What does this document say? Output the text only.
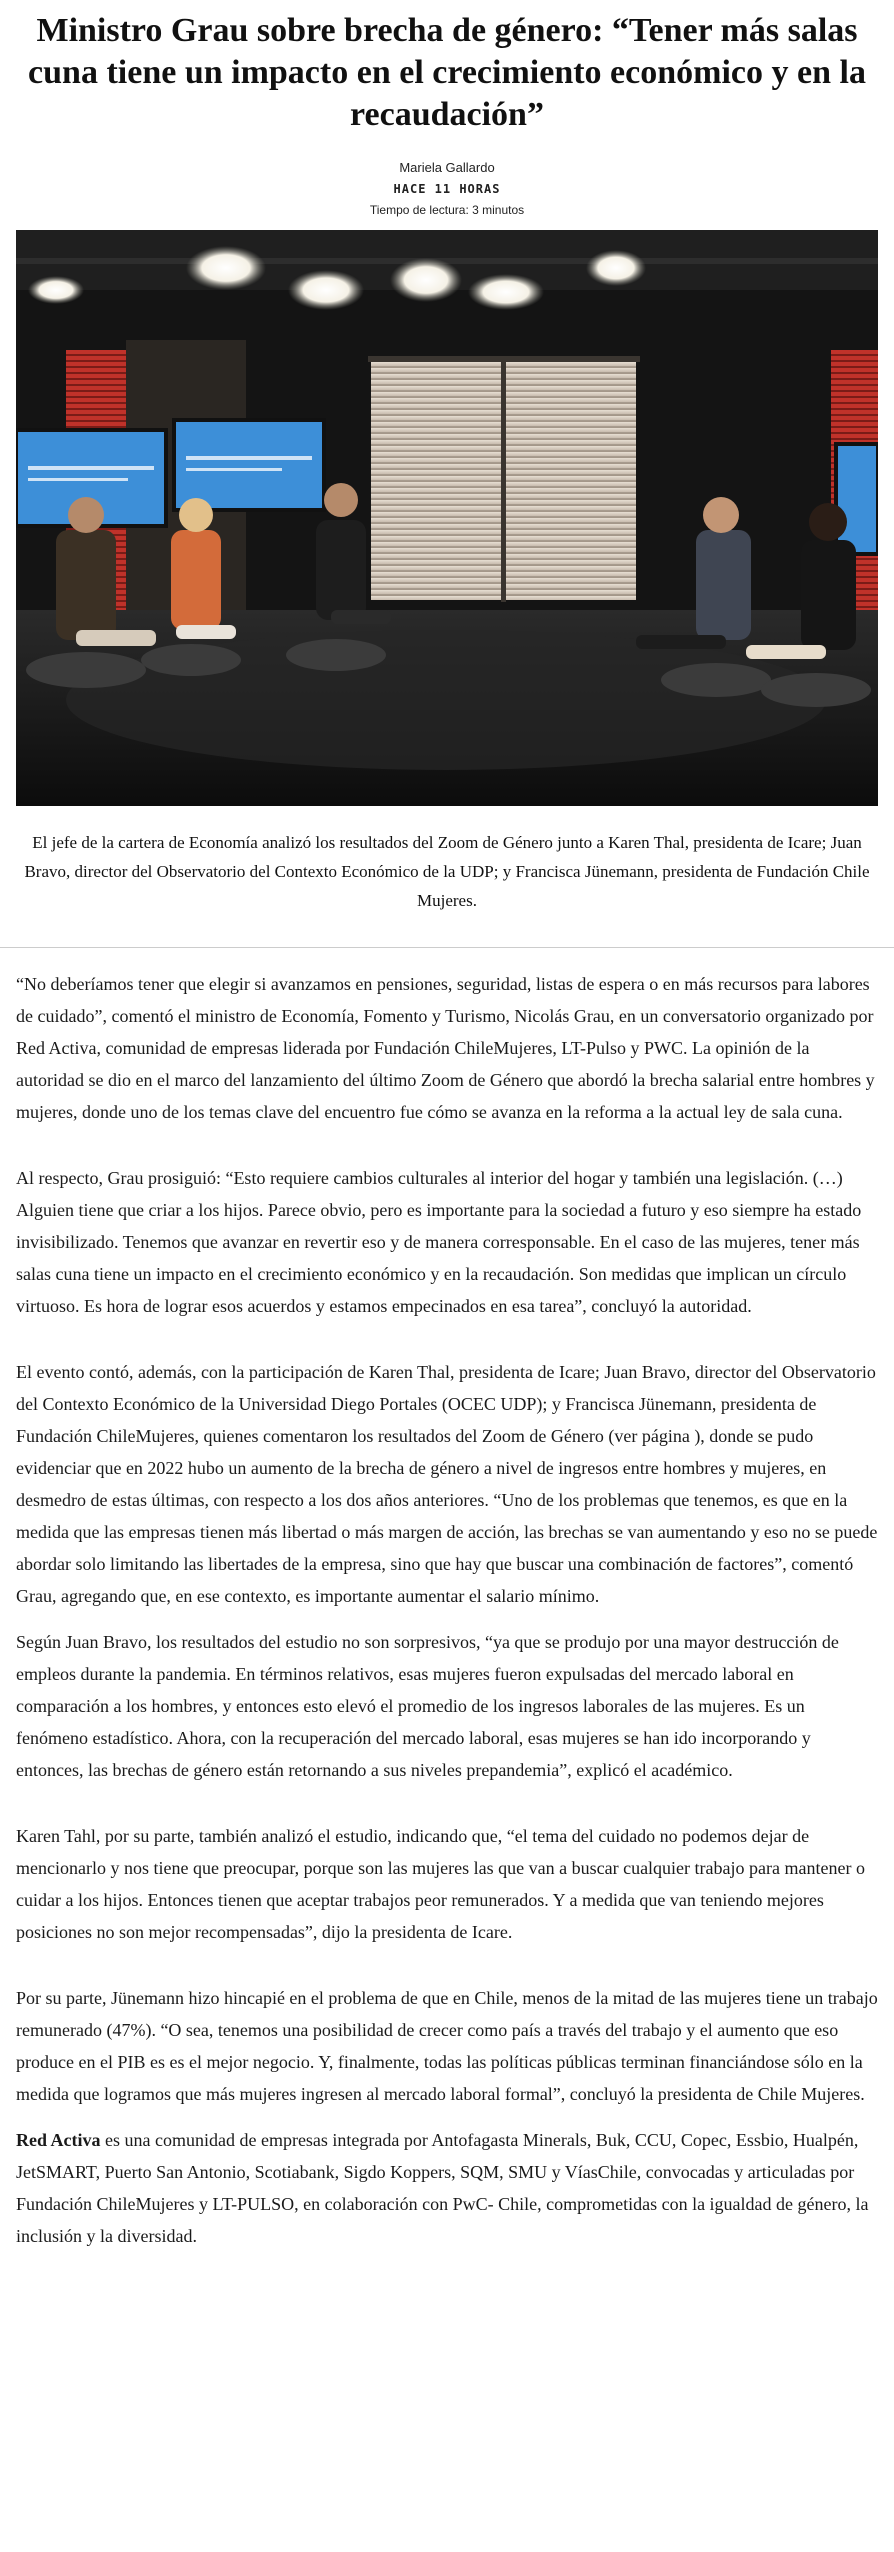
Ministro Grau sobre brecha de género: “Tener más salas cuna tiene un impacto en el crecimiento económico y en la recaudación”
Mariela Gallardo
HACE 11 HORAS
Tiempo de lectura: 3 minutos
El jefe de la cartera de Economía analizó los resultados del Zoom de Género junto a Karen Thal, presidenta de Icare; Juan Bravo, director del Observatorio del Contexto Económico de la UDP; y Francisca Jünemann, presidenta de Fundación Chile Mujeres.

“No deberíamos tener que elegir si avanzamos en pensiones, seguridad, listas de espera o en más recursos para labores de cuidado”, comentó el ministro de Economía, Fomento y Turismo, Nicolás Grau, en un conversatorio organizado por Red Activa, comunidad de empresas liderada por Fundación ChileMujeres, LT-Pulso y PWC. La opinión de la autoridad se dio en el marco del lanzamiento del último Zoom de Género que abordó la brecha salarial entre hombres y mujeres, donde uno de los temas clave del encuentro fue cómo se avanza en la reforma a la actual ley de sala cuna.

Al respecto, Grau prosiguió: “Esto requiere cambios culturales al interior del hogar y también una legislación. (…) Alguien tiene que criar a los hijos. Parece obvio, pero es importante para la sociedad a futuro y eso siempre ha estado invisibilizado. Tenemos que avanzar en revertir eso y de manera corresponsable. En el caso de las mujeres, tener más salas cuna tiene un impacto en el crecimiento económico y en la recaudación. Son medidas que implican un círculo virtuoso. Es hora de lograr esos acuerdos y estamos empecinados en esa tarea”, concluyó la autoridad.

El evento contó, además, con la participación de Karen Thal, presidenta de Icare; Juan Bravo, director del Observatorio del Contexto Económico de la Universidad Diego Portales (OCEC UDP); y Francisca Jünemann, presidenta de Fundación ChileMujeres, quienes comentaron los resultados del Zoom de Género (ver página ), donde se pudo evidenciar que en 2022 hubo un aumento de la brecha de género a nivel de ingresos entre hombres y mujeres, en desmedro de estas últimas, con respecto a los dos años anteriores. “Uno de los problemas que tenemos, es que en la medida que las empresas tienen más libertad o más margen de acción, las brechas se van aumentando y eso no se puede abordar solo limitando las libertades de la empresa, sino que hay que buscar una combinación de factores”, comentó Grau, agregando que, en ese contexto, es importante aumentar el salario mínimo.

Según Juan Bravo, los resultados del estudio no son sorpresivos, “ya que se produjo por una mayor destrucción de empleos durante la pandemia. En términos relativos, esas mujeres fueron expulsadas del mercado laboral en comparación a los hombres, y entonces esto elevó el promedio de los ingresos laborales de las mujeres. Es un fenómeno estadístico. Ahora, con la recuperación del mercado laboral, esas mujeres se han ido incorporando y entonces, las brechas de género están retornando a sus niveles prepandemia”, explicó el académico.

Karen Tahl, por su parte, también analizó el estudio, indicando que, “el tema del cuidado no podemos dejar de mencionarlo y nos tiene que preocupar, porque son las mujeres las que van a buscar cualquier trabajo para mantener o cuidar a los hijos. Entonces tienen que aceptar trabajos peor remunerados. Y a medida que van teniendo mejores posiciones no son mejor recompensadas”, dijo la presidenta de Icare.

Por su parte, Jünemann hizo hincapié en el problema de que en Chile, menos de la mitad de las mujeres tiene un trabajo remunerado (47%). “O sea, tenemos una posibilidad de crecer como país a través del trabajo y el aumento que eso produce en el PIB es es el mejor negocio. Y, finalmente, todas las políticas públicas terminan financiándose sólo en la medida que logramos que más mujeres ingresen al mercado laboral formal”, concluyó la presidenta de Chile Mujeres.

Red Activa es una comunidad de empresas integrada por Antofagasta Minerals, Buk, CCU, Copec, Essbio, Hualpén, JetSMART, Puerto San Antonio, Scotiabank, Sigdo Koppers, SQM, SMU y VíasChile, convocadas y articuladas por Fundación ChileMujeres y LT-PULSO, en colaboración con PwC- Chile, comprometidas con la igualdad de género, la inclusión y la diversidad.
